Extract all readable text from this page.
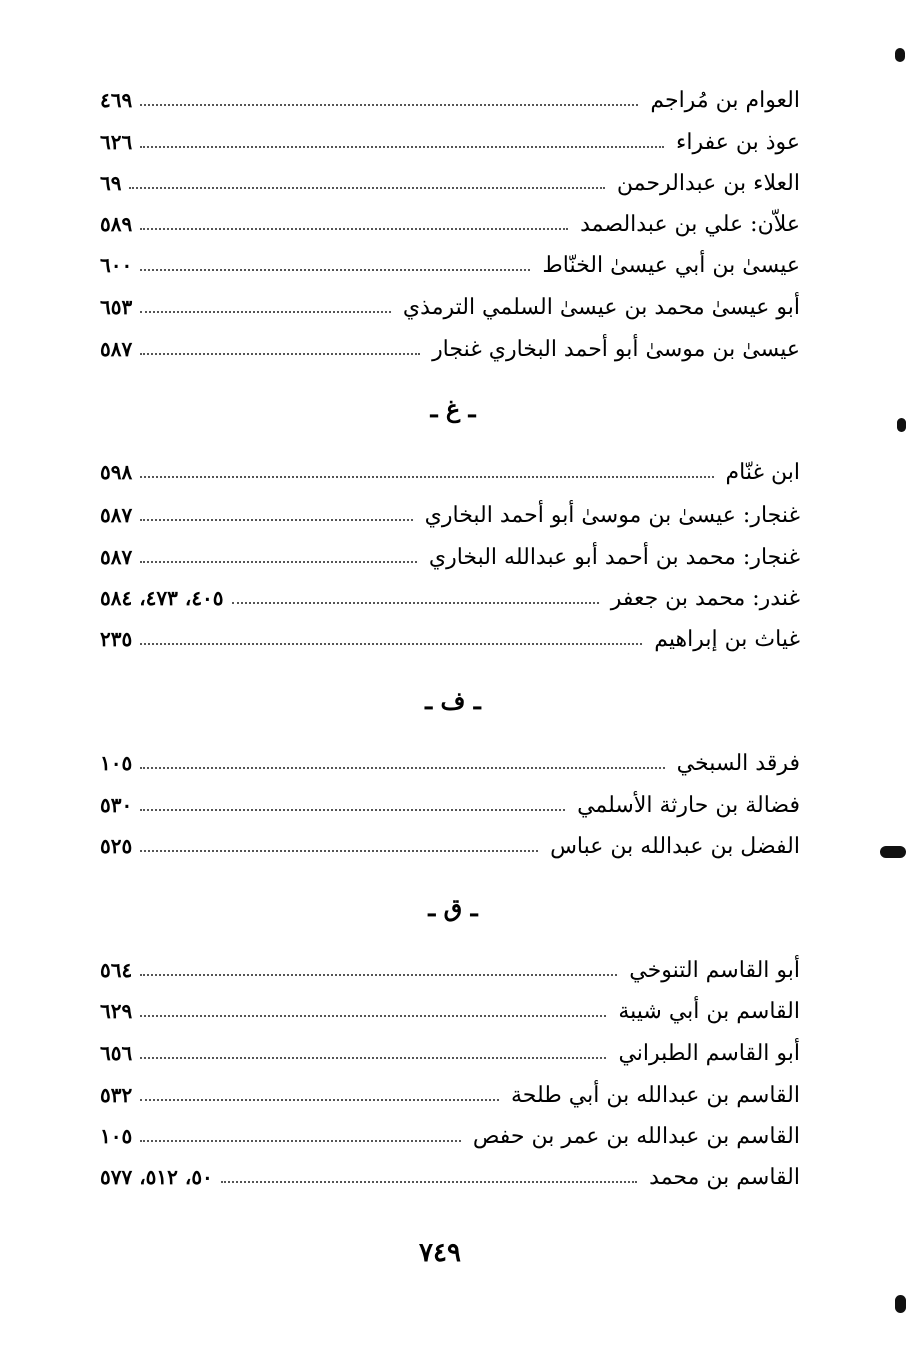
العوام بن مُراجم
٤٦٩
عوذ بن عفراء
٦٢٦
العلاء بن عبدالرحمن
٦٩
علاّن: علي بن عبدالصمد
٥٨٩
عيسىٰ بن أبي عيسىٰ الخنّاط
٦٠٠
أبو عيسىٰ محمد بن عيسىٰ السلمي الترمذي
٦٥٣
عيسىٰ بن موسىٰ أبو أحمد البخاري غنجار
٥٨٧
ـ غ ـ
ابن غنّام
٥٩٨
غنجار: عيسىٰ بن موسىٰ أبو أحمد البخاري
٥٨٧
غنجار: محمد بن أحمد أبو عبدالله البخاري
٥٨٧
غندر: محمد بن جعفر
٤٠٥، ٤٧٣، ٥٨٤
غياث بن إبراهيم
٢٣٥
ـ ف ـ
فرقد السبخي
١٠٥
فضالة بن حارثة الأسلمي
٥٣٠
الفضل بن عبدالله بن عباس
٥٢٥
ـ ق ـ
أبو القاسم التنوخي
٥٦٤
القاسم بن أبي شيبة
٦٢٩
أبو القاسم الطبراني
٦٥٦
القاسم بن عبدالله بن أبي طلحة
٥٣٢
القاسم بن عبدالله بن عمر بن حفص
١٠٥
القاسم بن محمد
٥٠، ٥١٢، ٥٧٧
٧٤٩
